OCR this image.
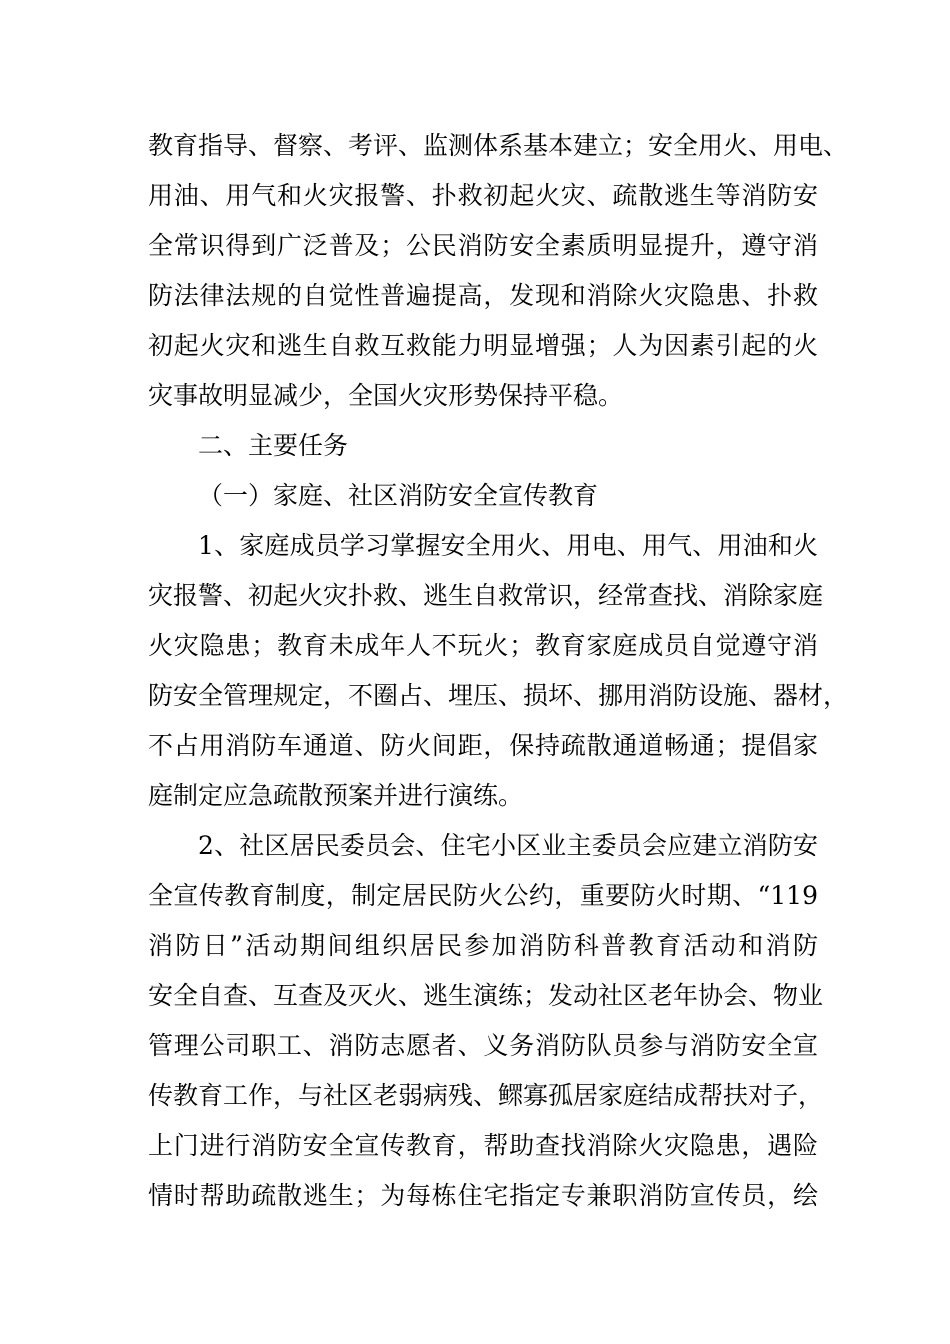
教育指导、督察、考评、监测体系基本建立；安全用火、用电、
用油、用气和火灾报警、扑救初起火灾、疏散逃生等消防安
全常识得到广泛普及；公民消防安全素质明显提升，遵守消
防法律法规的自觉性普遍提高，发现和消除火灾隐患、扑救
初起火灾和逃生自救互救能力明显增强；人为因素引起的火
灾事故明显减少，全国火灾形势保持平稳。
二、主要任务
（一）家庭、社区消防安全宣传教育
1、家庭成员学习掌握安全用火、用电、用气、用油和火
灾报警、初起火灾扑救、逃生自救常识，经常查找、消除家庭
火灾隐患；教育未成年人不玩火；教育家庭成员自觉遵守消
防安全管理规定，不圈占、埋压、损坏、挪用消防设施、器材，
不占用消防车通道、防火间距，保持疏散通道畅通；提倡家
庭制定应急疏散预案并进行演练。
2、社区居民委员会、住宅小区业主委员会应建立消防安
全宣传教育制度，制定居民防火公约，重要防火时期、“119
消防日”活动期间组织居民参加消防科普教育活动和消防
安全自查、互查及灭火、逃生演练；发动社区老年协会、物业
管理公司职工、消防志愿者、义务消防队员参与消防安全宣
传教育工作，与社区老弱病残、鳏寡孤居家庭结成帮扶对子，
上门进行消防安全宣传教育，帮助查找消除火灾隐患，遇险
情时帮助疏散逃生；为每栋住宅指定专兼职消防宣传员，绘
